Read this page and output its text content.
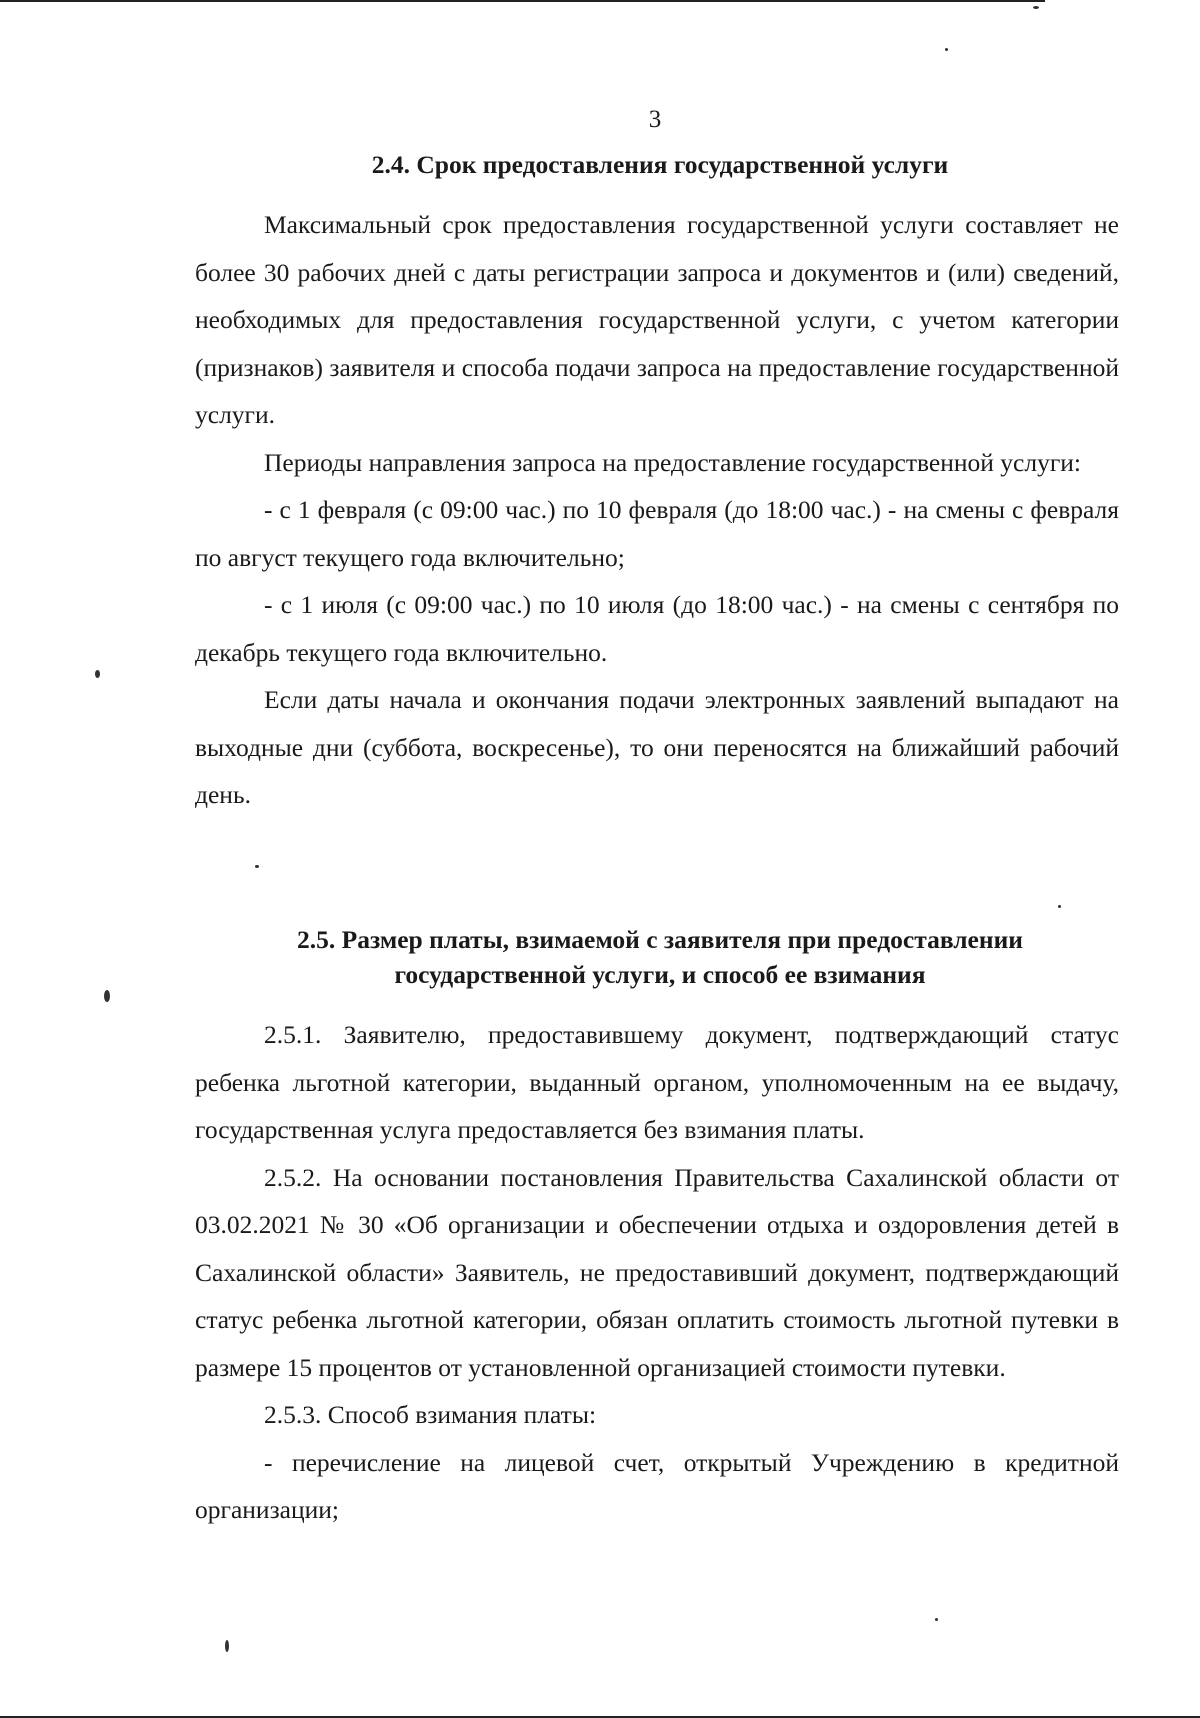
3
2.4. Срок предоставления государственной услуги

Максимальный срок предоставления государственной услуги составляет не более 30 рабочих дней с даты регистрации запроса и документов и (или) сведений, необходимых для предоставления государственной услуги, с учетом категории (признаков) заявителя и способа подачи запроса на предоставление государственной услуги.

Периоды направления запроса на предоставление государственной услуги:

- с 1 февраля (с 09:00 час.) по 10 февраля (до 18:00 час.) - на смены с февраля по август текущего года включительно;

- с 1 июля (с 09:00 час.) по 10 июля (до 18:00 час.) - на смены с сентября по декабрь текущего года включительно.

Если даты начала и окончания подачи электронных заявлений выпадают на выходные дни (суббота, воскресенье), то они переносятся на ближайший рабочий день.

2.5. Размер платы, взимаемой с заявителя при предоставлении
государственной услуги, и способ ее взимания

2.5.1. Заявителю, предоставившему документ, подтверждающий статус ребенка льготной категории, выданный органом, уполномоченным на ее выдачу, государственная услуга предоставляется без взимания платы.

2.5.2. На основании постановления Правительства Сахалинской области от 03.02.2021 № 30 «Об организации и обеспечении отдыха и оздоровления детей в Сахалинской области» Заявитель, не предоставивший документ, подтверждающий статус ребенка льготной категории, обязан оплатить стоимость льготной путевки в размере 15 процентов от установленной организацией стоимости путевки.

2.5.3. Способ взимания платы:

- перечисление на лицевой счет, открытый Учреждению в кредитной организации;
